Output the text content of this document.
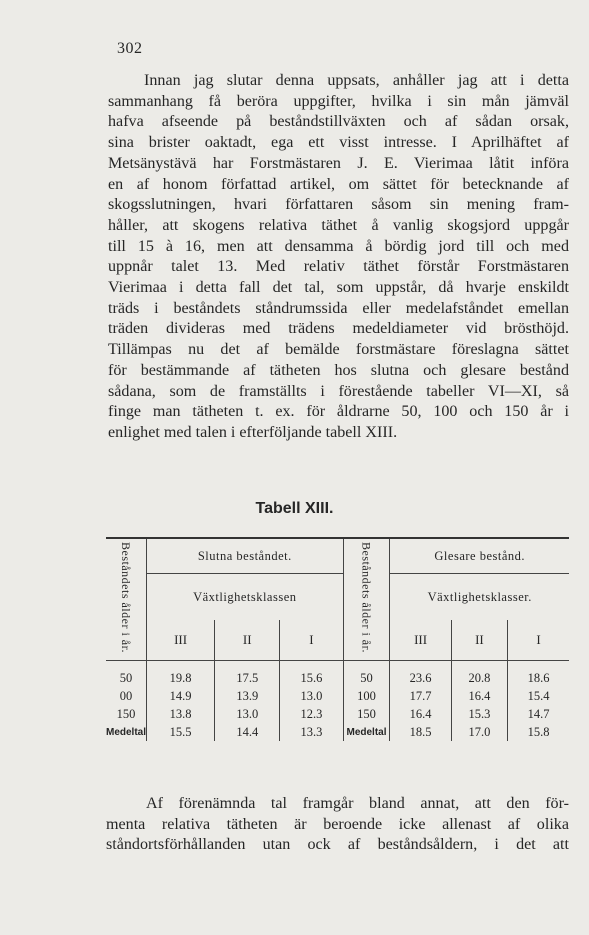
302

Innan jag slutar denna uppsats, anhåller jag att i detta
sammanhang få beröra uppgifter, hvilka i sin mån jämväl
hafva afseende på beståndstillväxten och af sådan orsak,
sina brister oaktadt, ega ett visst intresse. I Aprilhäftet af
Metsänystävä har Forstmästaren J. E. Vierimaa låtit införa
en af honom författad artikel, om sättet för betecknande af
skogsslutningen, hvari författaren såsom sin mening fram-
håller, att skogens relativa täthet å vanlig skogsjord uppgår
till 15 à 16, men att densamma å bördig jord till och med
uppnår talet 13. Med relativ täthet förstår Forstmästaren
Vierimaa i detta fall det tal, som uppstår, då hvarje enskildt
träds i beståndets ståndrumssida eller medelafståndet emellan
träden divideras med trädens medeldiameter vid brösthöjd.
Tillämpas nu det af bemälde forstmästare föreslagna sättet
för bestämmande af tätheten hos slutna och glesare bestånd
sådana, som de framställts i förestående tabeller VI—XI, så
finge man tätheten t. ex. för åldrarne 50, 100 och 150 år i
enlighet med talen i efterföljande tabell XIII.

Tabell XIII.
Beståndets ålder i år.	Slutna beståndet.			Beståndets ålder i år.	Glesare bestånd.		
	Växtlighetsklassen				Växtlighetsklasser.		
	III	II	I		III	II	I
50	19.8	17.5	15.6	50	23.6	20.8	18.6
00	14.9	13.9	13.0	100	17.7	16.4	15.4
150	13.8	13.0	12.3	150	16.4	15.3	14.7
Medeltal	15.5	14.4	13.3	Medeltal	18.5	17.0	15.8

Af förenämnda tal framgår bland annat, att den för-
menta relativa tätheten är beroende icke allenast af olika
ståndortsförhållanden utan ock af beståndsåldern, i det att
